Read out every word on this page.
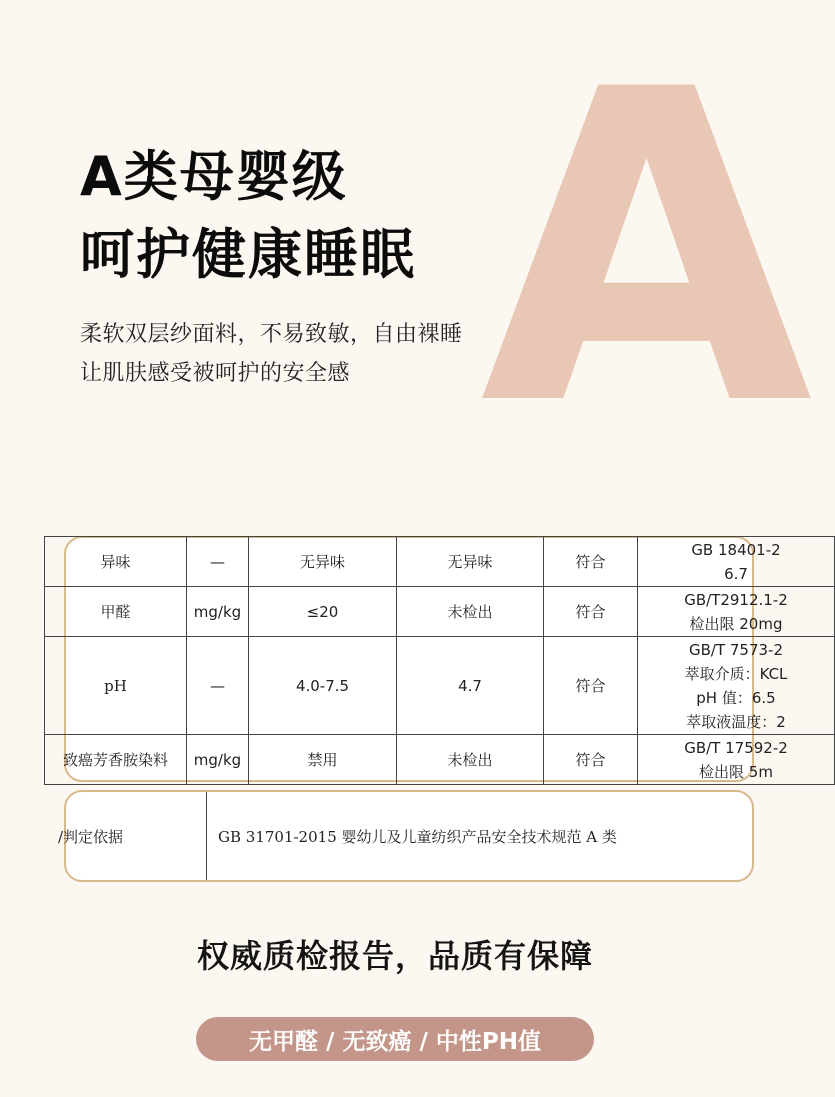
A
A类母婴级
呵护健康睡眠
柔软双层纱面料，不易致敏，自由裸睡
让肌肤感受被呵护的安全感
异味	—	无异味	无异味	符合	GB 18401-2
6.7

甲醛	mg/kg	≤20	未检出	符合	GB/T2912.1-2
检出限 20mg

pH	—	4.0-7.5	4.7	符合	GB/T 7573-2
萃取介质：KCL
pH 值：6.5
萃取液温度：2

致癌芳香胺染料	mg/kg	禁用	未检出	符合	GB/T 17592-2
检出限 5m
/判定依据	GB 31701-2015 婴幼儿及儿童纺织产品安全技术规范 A 类
权威质检报告，品质有保障
无甲醛 / 无致癌 / 中性PH值
